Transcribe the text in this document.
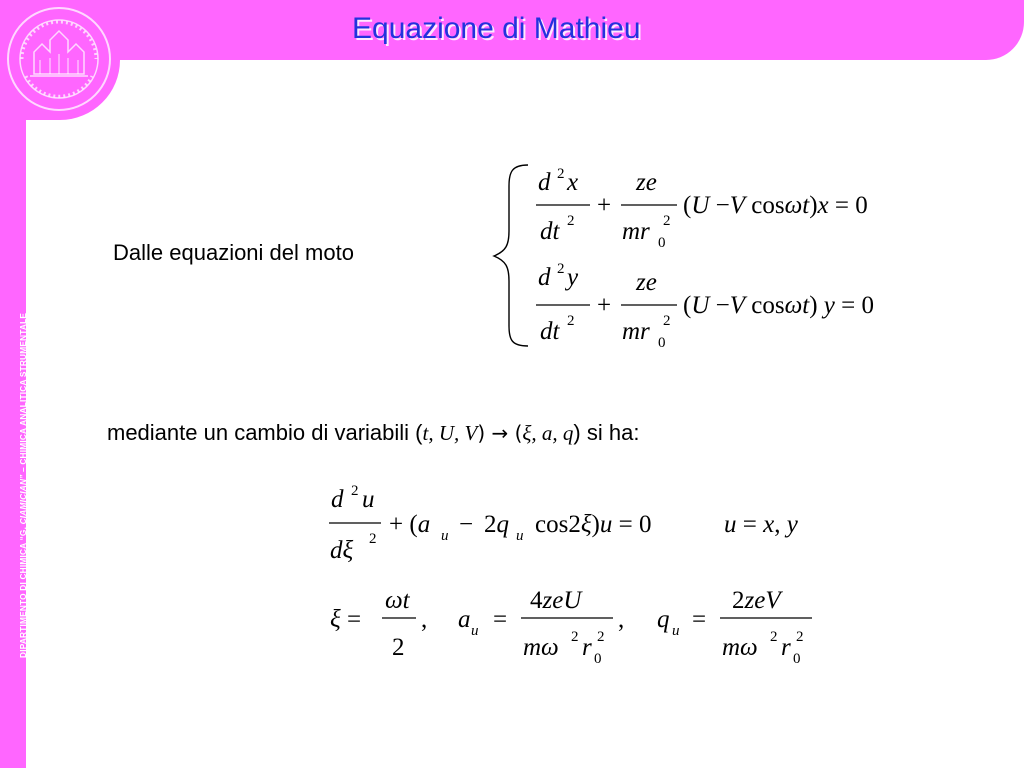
Equazione di Mathieu
DIPARTIMENTO DI CHIMICA “G. CIAMICIAN” – CHIMICA ANALITICA STRUMENTALE
Dalle equazioni del moto
d 2 x
dt 2
+
ze
mr 2
0
(U −V cosωt)x = 0
d 2 y
dt 2
+
ze
mr 2
0
(U −V cosωt) y = 0
mediante un cambio di variabili (t, U, V) → (ξ, a, q) si ha:
d 2 u
dξ 2
+ (a u − 2q u cos2ξ)u = 0	u = x, y
ξ =
ωt
2
, a u =
4zeU
mω 2 r 2
0
, q u =
2zeV
mω 2 r 2
0
